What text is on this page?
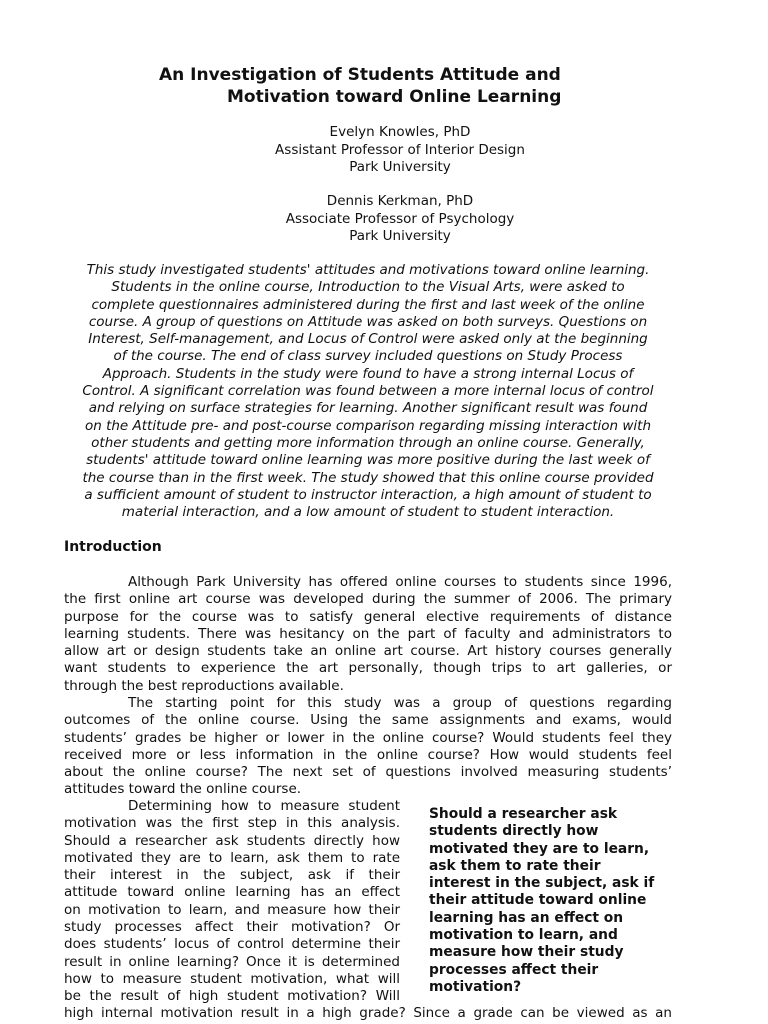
An Investigation of Students Attitude and
Motivation toward Online Learning
Evelyn Knowles, PhD
Assistant Professor of Interior Design
Park University
Dennis Kerkman, PhD
Associate Professor of Psychology
Park University
This study investigated students' attitudes and motivations toward online learning.
Students in the online course, Introduction to the Visual Arts, were asked to
complete questionnaires administered during the first and last week of the online
course. A group of questions on Attitude was asked on both surveys. Questions on
Interest, Self-management, and Locus of Control were asked only at the beginning
of the course. The end of class survey included questions on Study Process
Approach. Students in the study were found to have a strong internal Locus of
Control. A significant correlation was found between a more internal locus of control
and relying on surface strategies for learning. Another significant result was found
on the Attitude pre- and post-course comparison regarding missing interaction with
other students and getting more information through an online course. Generally,
students' attitude toward online learning was more positive during the last week of
the course than in the first week. The study showed that this online course provided
a sufficient amount of student to instructor interaction, a high amount of student to
material interaction, and a low amount of student to student interaction.
Introduction
Although Park University has offered online courses to students since 1996,
the first online art course was developed during the summer of 2006. The primary
purpose for the course was to satisfy general elective requirements of distance
learning students. There was hesitancy on the part of faculty and administrators to
allow art or design students take an online art course. Art history courses generally
want students to experience the art personally, though trips to art galleries, or
through the best reproductions available.
The starting point for this study was a group of questions regarding
outcomes of the online course. Using the same assignments and exams, would
students’ grades be higher or lower in the online course? Would students feel they
received more or less information in the online course? How would students feel
about the online course? The next set of questions involved measuring students’
attitudes toward the online course.
Determining how to measure student
motivation was the first step in this analysis.
Should a researcher ask students directly how
motivated they are to learn, ask them to rate
their interest in the subject, ask if their
attitude toward online learning has an effect
on motivation to learn, and measure how their
study processes affect their motivation? Or
does students’ locus of control determine their
result in online learning? Once it is determined
how to measure student motivation, what will
be the result of high student motivation? Will
Should a researcher ask
students directly how
motivated they are to learn,
ask them to rate their
interest in the subject, ask if
their attitude toward online
learning has an effect on
motivation to learn, and
measure how their study
processes affect their
motivation?
high internal motivation result in a high grade? Since a grade can be viewed as an
